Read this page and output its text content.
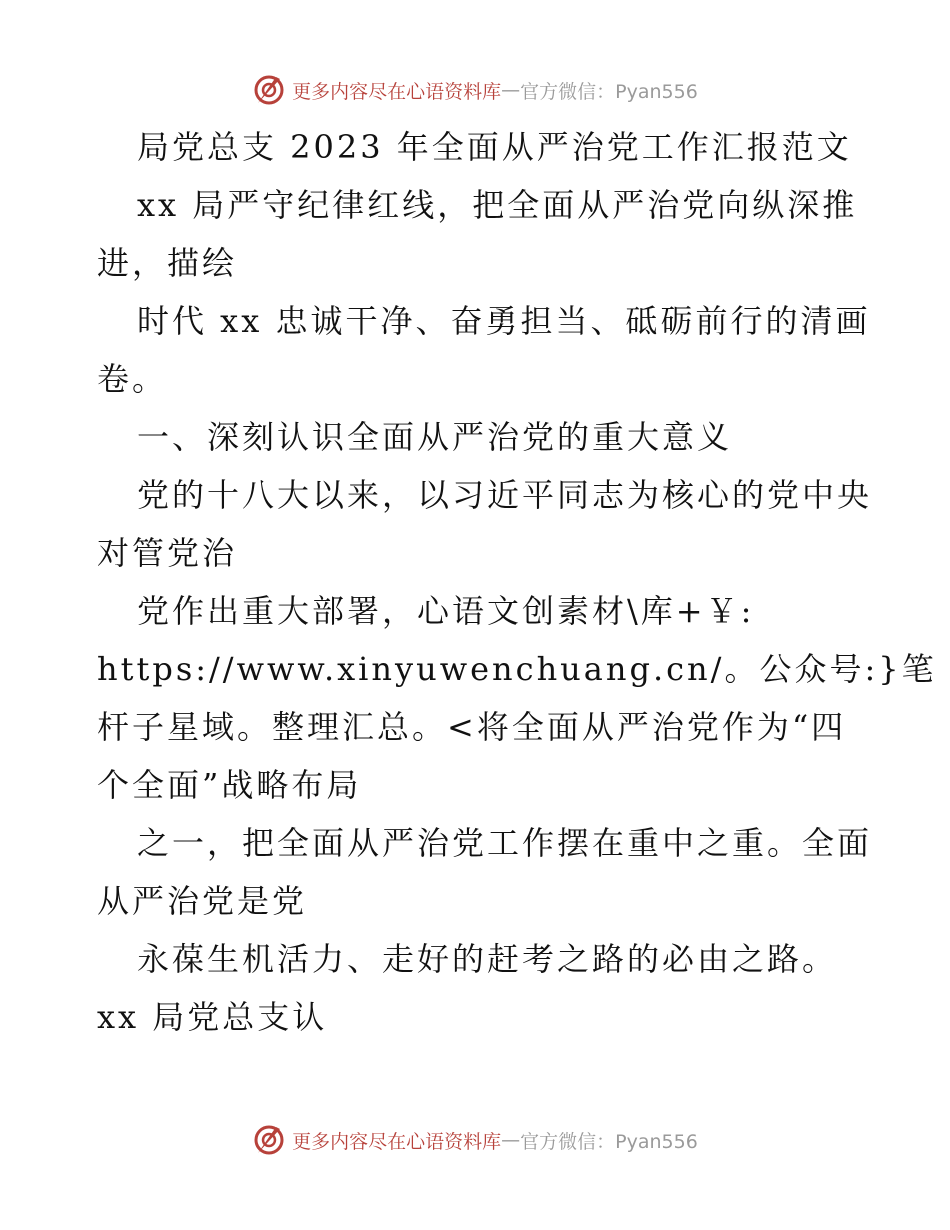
更多内容尽在心语资料库 — 官方微信：Pyan556
局党总支 2023 年全面从严治党工作汇报范文
xx 局严守纪律红线，把全面从严治党向纵深推
进，描绘
时代 xx 忠诚干净、奋勇担当、砥砺前行的清画
卷。
一、深刻认识全面从严治党的重大意义
党的十八大以来，以习近平同志为核心的党中央
对管党治
党作出重大部署，心语文创素材\库+￥:
https://www.xinyuwenchuang.cn/。公众号:}笔
杆子星域。整理汇总。<将全面从严治党作为“四
个全面”战略布局
之一，把全面从严治党工作摆在重中之重。全面
从严治党是党
永葆生机活力、走好的赶考之路的必由之路。
xx 局党总支认
更多内容尽在心语资料库 — 官方微信：Pyan556
